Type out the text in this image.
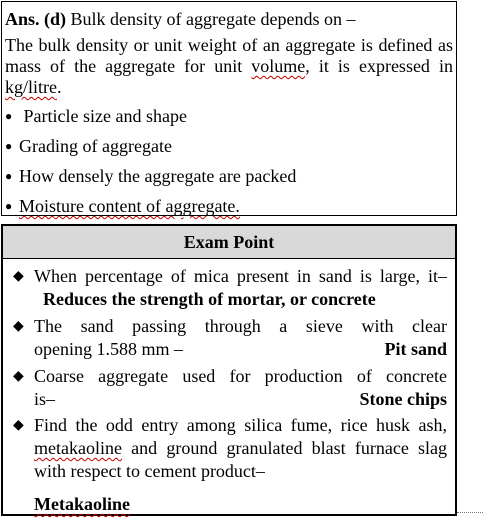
Ans. (d) Bulk density of aggregate depends on –
The bulk density or unit weight of an aggregate is defined as mass of the aggregate for unit volume, it is expressed in kg/litre.
● Particle size and shape
● Grading of aggregate
● How densely the aggregate are packed
● Moisture content of aggregate.
Exam Point
◆ When percentage of mica present in sand is large, it–  Reduces the strength of mortar, or concrete
◆ The sand passing through a sieve with clear
opening 1.588 mm –	Pit sand
◆ Coarse aggregate used for production of concrete
is–	Stone chips
◆ Find the odd entry among silica fume, rice husk ash, metakaoline and ground granulated blast furnace slag with respect to cement product–
Metakaoline
